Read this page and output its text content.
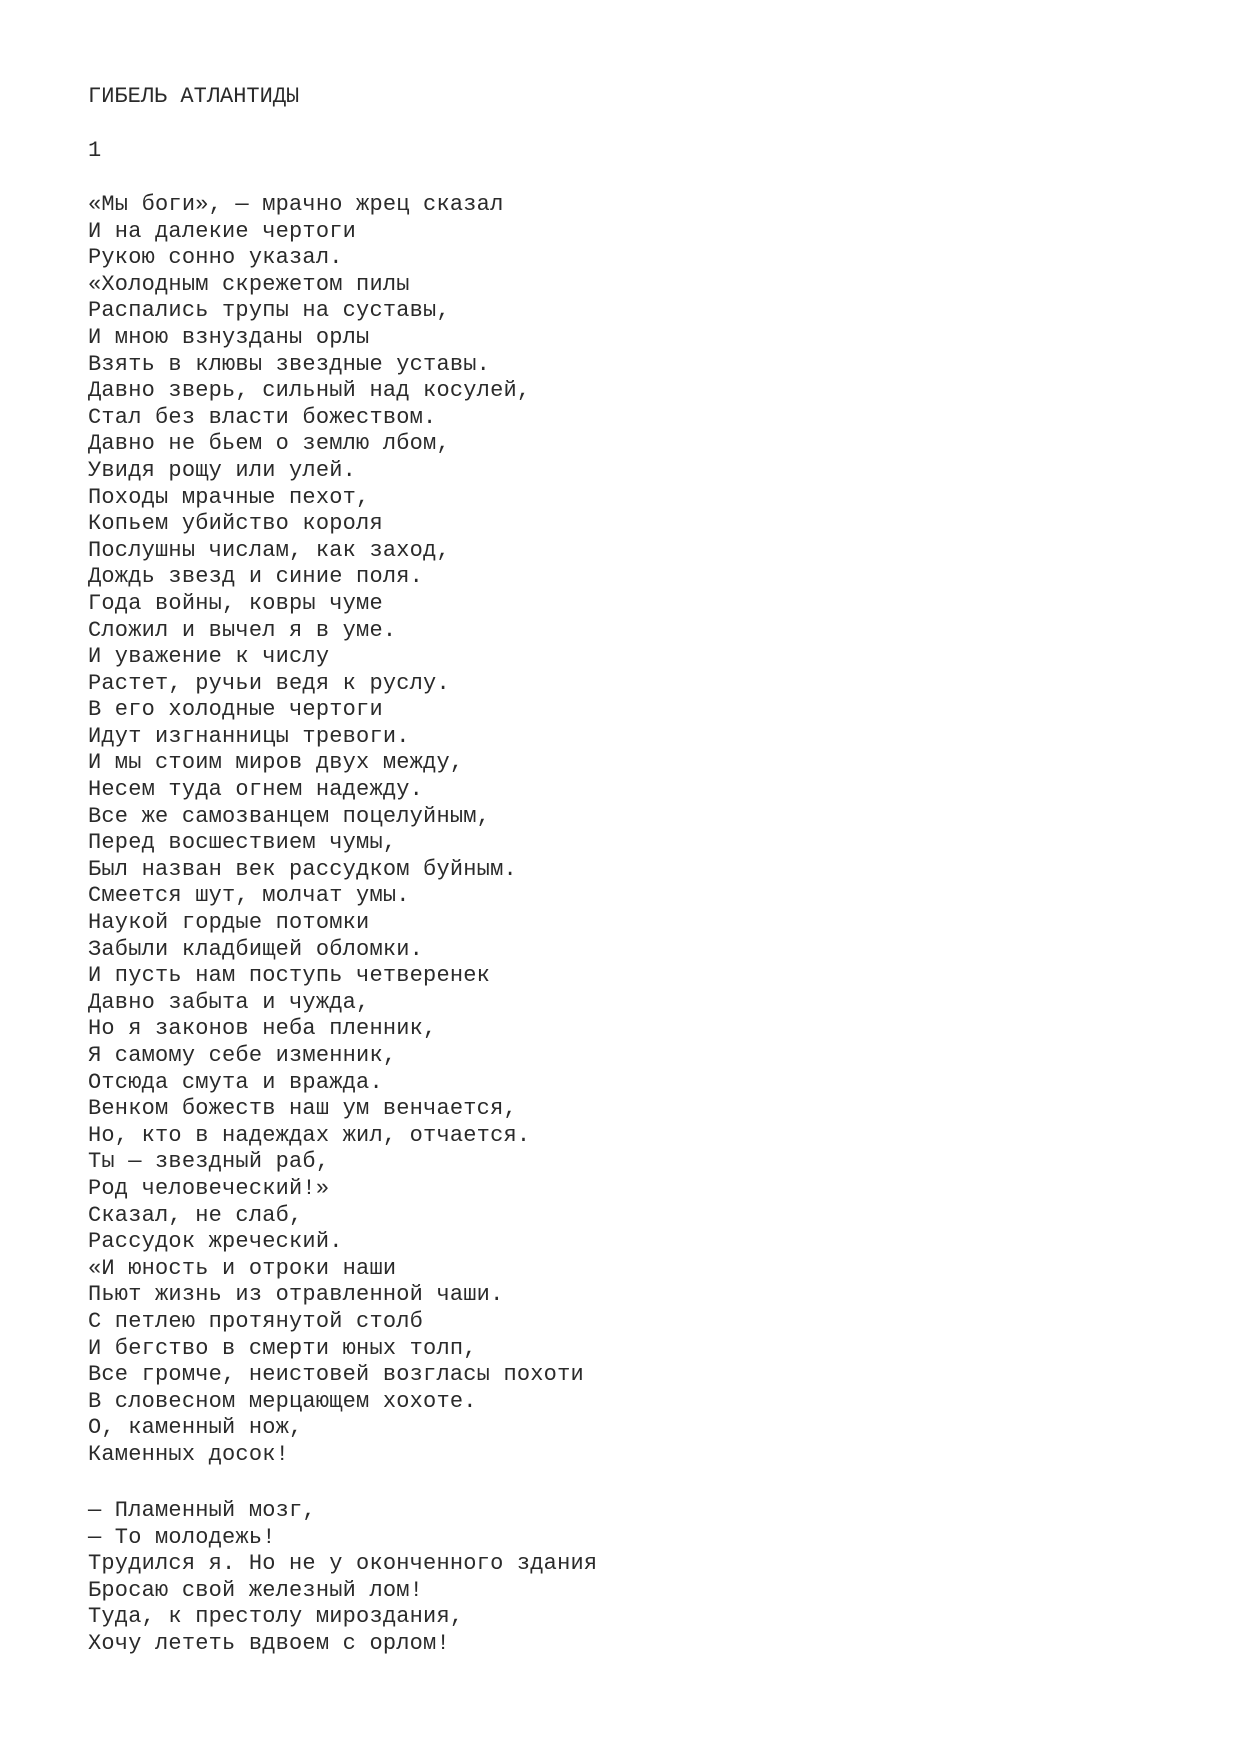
ГИБЕЛЬ АТЛАНТИДЫ
1
«Мы боги», — мрачно жрец сказал
И на далекие чертоги
Рукою сонно указал.
«Холодным скрежетом пилы
Распались трупы на суставы,
И мною взнузданы орлы
Взять в клювы звездные уставы.
Давно зверь, сильный над косулей,
Стал без власти божеством.
Давно не бьем о землю лбом,
Увидя рощу или улей.
Походы мрачные пехот,
Копьем убийство короля
Послушны числам, как заход,
Дождь звезд и синие поля.
Года войны, ковры чуме
Сложил и вычел я в уме.
И уважение к числу
Растет, ручьи ведя к руслу.
В его холодные чертоги
Идут изгнанницы тревоги.
И мы стоим миров двух между,
Несем туда огнем надежду.
Все же самозванцем поцелуйным,
Перед восшествием чумы,
Был назван век рассудком буйным.
Смеется шут, молчат умы.
Наукой гордые потомки
Забыли кладбищей обломки.
И пусть нам поступь четверенек
Давно забыта и чужда,
Но я законов неба пленник,
Я самому себе изменник,
Отсюда смута и вражда.
Венком божеств наш ум венчается,
Но, кто в надеждах жил, отчается.
Ты — звездный раб,
Род человеческий!»
Сказал, не слаб,
Рассудок жреческий.
«И юность и отроки наши
Пьют жизнь из отравленной чаши.
С петлею протянутой столб
И бегство в смерти юных толп,
Все громче, неистовей возгласы похоти
В словесном мерцающем хохоте.
О, каменный нож,
Каменных досок!
— Пламенный мозг,
— То молодежь!
Трудился я. Но не у оконченного здания
Бросаю свой железный лом!
Туда, к престолу мироздания,
Хочу лететь вдвоем с орлом!
